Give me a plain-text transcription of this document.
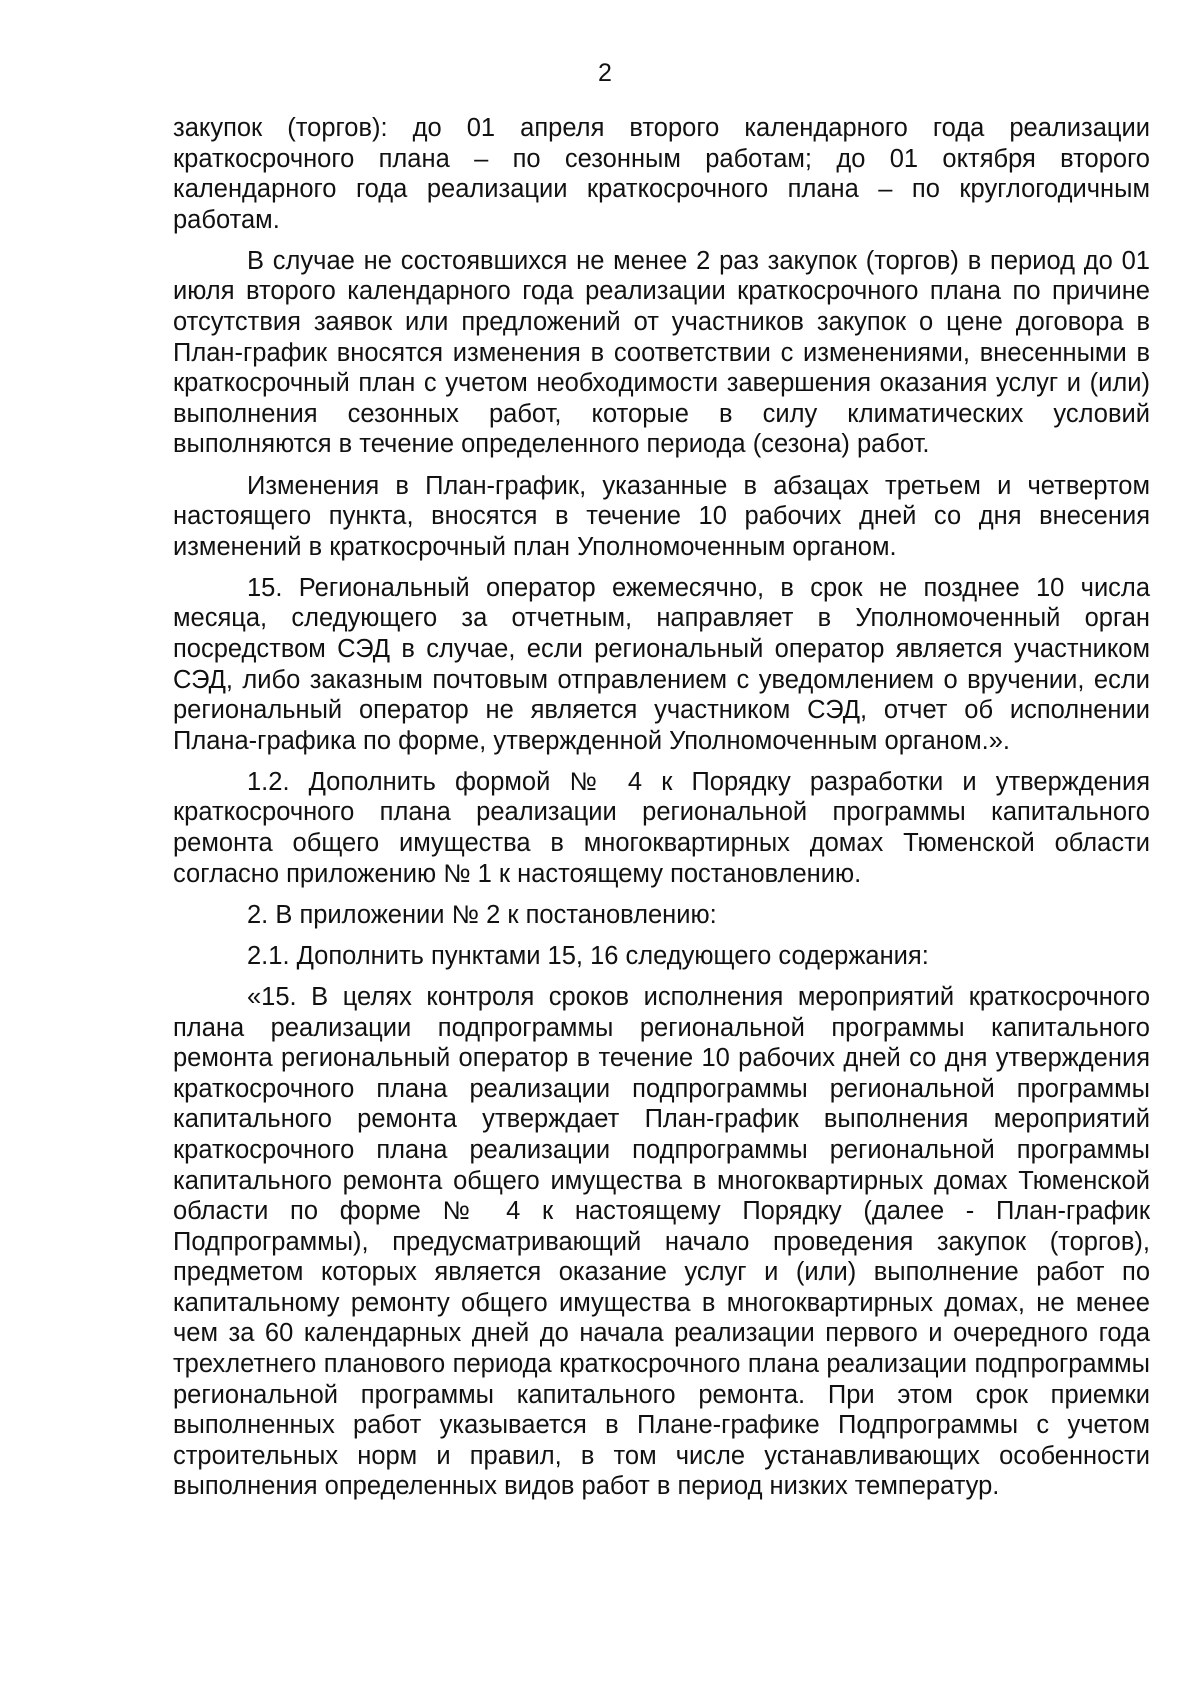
2

закупок (торгов): до 01 апреля второго календарного года реализации краткосрочного плана – по сезонным работам; до 01 октября второго календарного года реализации краткосрочного плана – по круглогодичным работам.

В случае не состоявшихся не менее 2 раз закупок (торгов) в период до 01 июля второго календарного года реализации краткосрочного плана по причине отсутствия заявок или предложений от участников закупок о цене договора в План-график вносятся изменения в соответствии с изменениями, внесенными в краткосрочный план с учетом необходимости завершения оказания услуг и (или) выполнения сезонных работ, которые в силу климатических условий выполняются в течение определенного периода (сезона) работ.

Изменения в План-график, указанные в абзацах третьем и четвертом настоящего пункта, вносятся в течение 10 рабочих дней со дня внесения изменений в краткосрочный план Уполномоченным органом.

15. Региональный оператор ежемесячно, в срок не позднее 10 числа месяца, следующего за отчетным, направляет в Уполномоченный орган посредством СЭД в случае, если региональный оператор является участником СЭД, либо заказным почтовым отправлением с уведомлением о вручении, если региональный оператор не является участником СЭД, отчет об исполнении Плана-графика по форме, утвержденной Уполномоченным органом.».

1.2. Дополнить формой № 4 к Порядку разработки и утверждения краткосрочного плана реализации региональной программы капитального ремонта общего имущества в многоквартирных домах Тюменской области согласно приложению № 1 к настоящему постановлению.

2. В приложении № 2 к постановлению:

2.1. Дополнить пунктами 15, 16 следующего содержания:

«15. В целях контроля сроков исполнения мероприятий краткосрочного плана реализации подпрограммы региональной программы капитального ремонта региональный оператор в течение 10 рабочих дней со дня утверждения краткосрочного плана реализации подпрограммы региональной программы капитального ремонта утверждает План-график выполнения мероприятий краткосрочного плана реализации подпрограммы региональной программы капитального ремонта общего имущества в многоквартирных домах Тюменской области по форме № 4 к настоящему Порядку (далее - План-график Подпрограммы), предусматривающий начало проведения закупок (торгов), предметом которых является оказание услуг и (или) выполнение работ по капитальному ремонту общего имущества в многоквартирных домах, не менее чем за 60 календарных дней до начала реализации первого и очередного года трехлетнего планового периода краткосрочного плана реализации подпрограммы региональной программы капитального ремонта. При этом срок приемки выполненных работ указывается в Плане-графике Подпрограммы с учетом строительных норм и правил, в том числе устанавливающих особенности выполнения определенных видов работ в период низких температур.
